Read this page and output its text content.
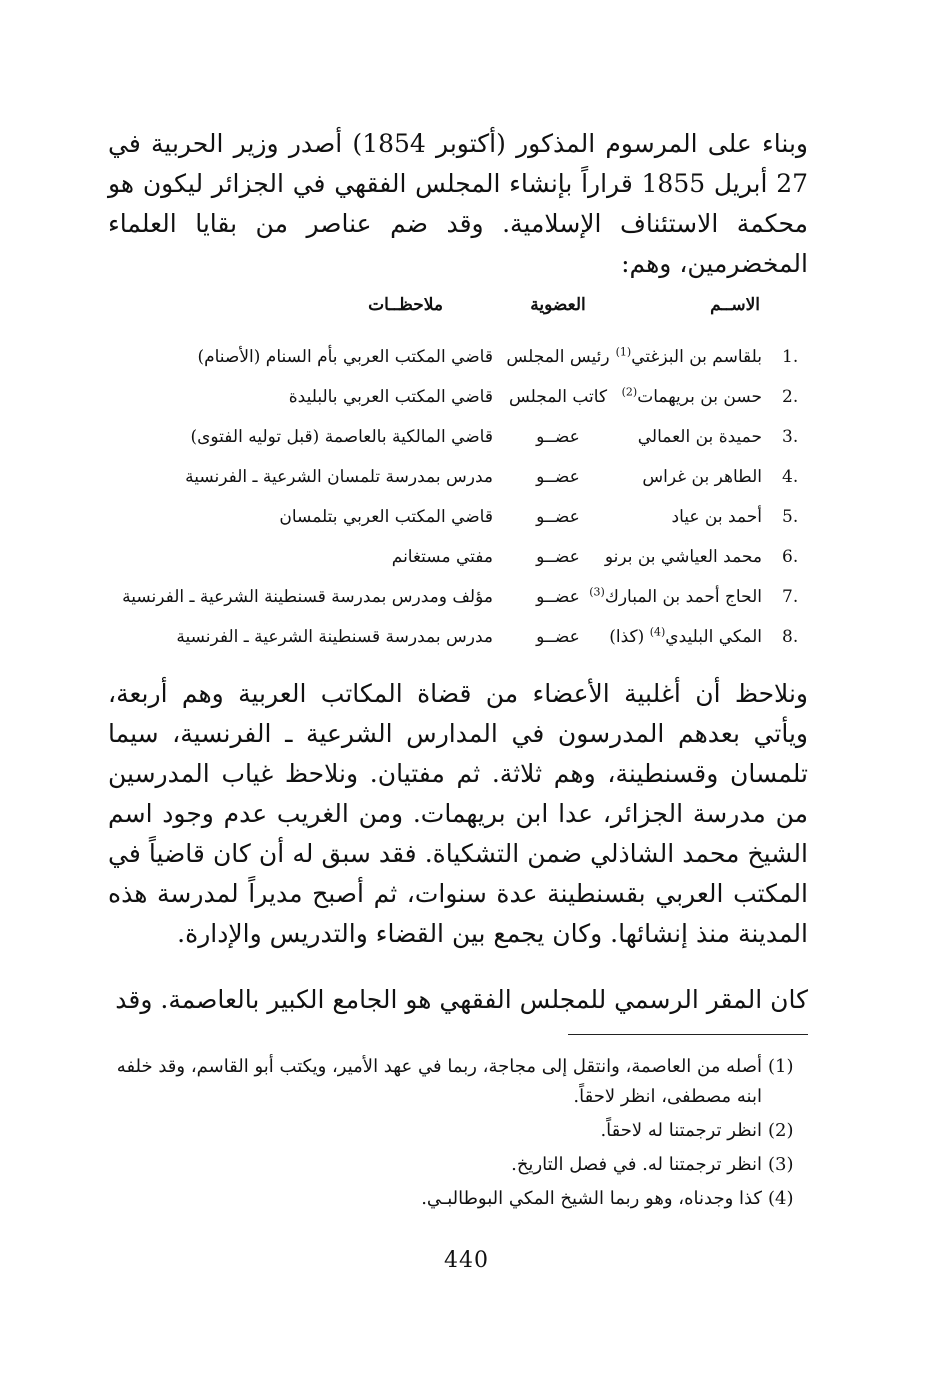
وبناء على المرسوم المذكور (أكتوبر 1854) أصدر وزير الحربية في 27 أبريل 1855 قراراً بإنشاء المجلس الفقهي في الجزائر ليكون هو محكمة الاستئناف الإسلامية. وقد ضم عناصر من بقايا العلماء المخضرمين، وهم:

الاســم
العضوية
ملاحظــات
1.
بلقاسم بن البزغتي$^{(1)}$
رئيس المجلس
قاضي المكتب العربي بأم السنام (الأصنام)
2.
حسن بن بريهمات$^{(2)}$
كاتب المجلس
قاضي المكتب العربي بالبليدة
3.
حميدة بن العمالي
عضــو
قاضي المالكية بالعاصمة (قبل توليه الفتوى)
4.
الطاهر بن غراس
عضــو
مدرس بمدرسة تلمسان الشرعية ـ الفرنسية
5.
أحمد بن عياد
عضــو
قاضي المكتب العربي بتلمسان
6.
محمد العياشي بن برنو
عضــو
مفتي مستغانم
7.
الحاج أحمد بن المبارك$^{(3)}$
عضــو
مؤلف ومدرس بمدرسة قسنطينة الشرعية ـ الفرنسية
8.
المكي البليدي$^{(4)}$ (كذا)
عضــو
مدرس بمدرسة قسنطينة الشرعية ـ الفرنسية

ونلاحظ أن أغلبية الأعضاء من قضاة المكاتب العربية وهم أربعة، ويأتي بعدهم المدرسون في المدارس الشرعية ـ الفرنسية، سيما تلمسان وقسنطينة، وهم ثلاثة. ثم مفتيان. ونلاحظ غياب المدرسين من مدرسة الجزائر، عدا ابن بريهمات. ومن الغريب عدم وجود اسم الشيخ محمد الشاذلي ضمن التشكياة. فقد سبق له أن كان قاضياً في المكتب العربي بقسنطينة عدة سنوات، ثم أصبح مديراً لمدرسة هذه المدينة منذ إنشائها. وكان يجمع بين القضاء والتدريس والإدارة.

كان المقر الرسمي للمجلس الفقهي هو الجامع الكبير بالعاصمة. وقد

(1)
أصله من العاصمة، وانتقل إلى مجاجة، ربما في عهد الأمير، ويكتب أبو القاسم، وقد خلفه ابنه مصطفى، انظر لاحقاً.
(2)
انظر ترجمتنا له لاحقاً.
(3)
انظر ترجمتنا له. في فصل التاريخ.
(4)
كذا وجدناه، وهو ربما الشيخ المكي البوطالبـي.
440
